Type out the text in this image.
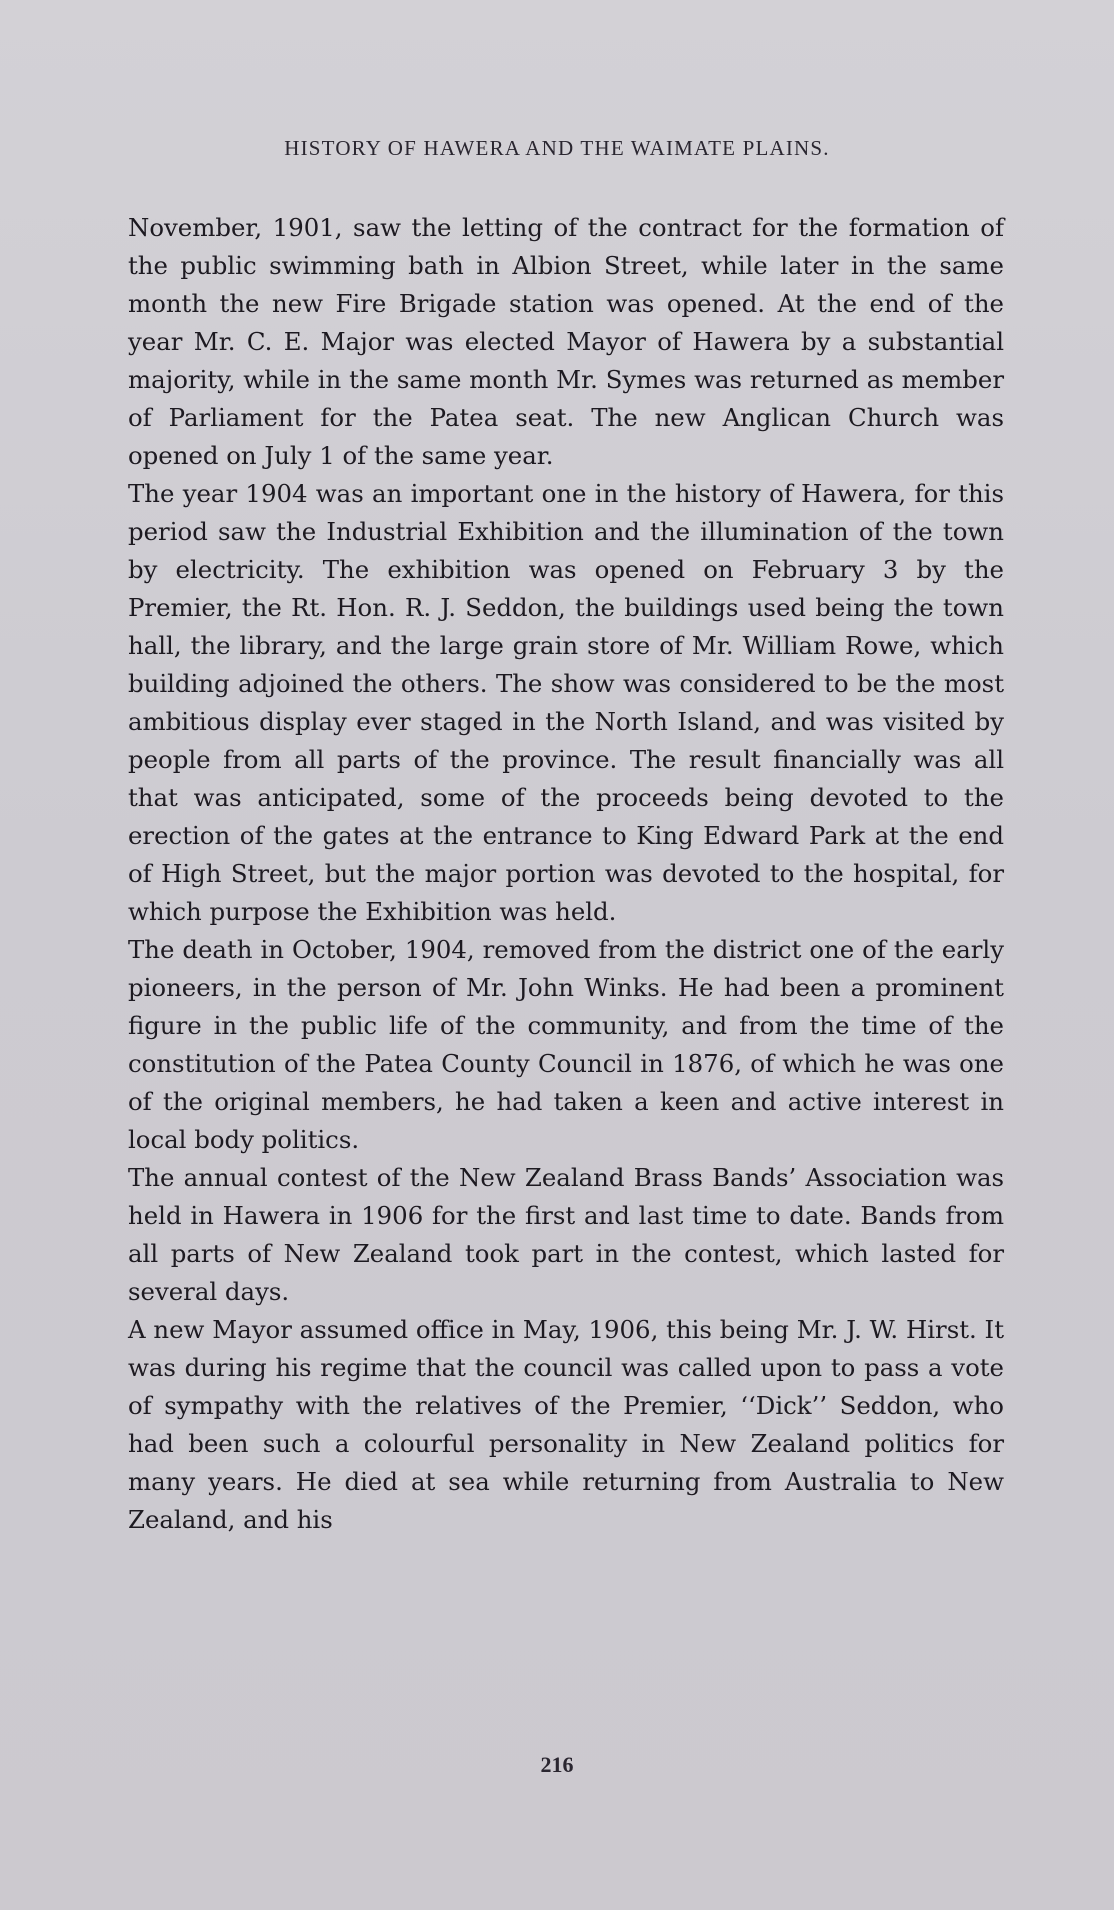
HISTORY OF HAWERA AND THE WAIMATE PLAINS.

November, 1901, saw the letting of the contract for the formation of the public swimming bath in Albion Street, while later in the same month the new Fire Brigade station was opened. At the end of the year Mr. C. E. Major was elected Mayor of Hawera by a substantial majority, while in the same month Mr. Symes was returned as member of Parliament for the Patea seat. The new Anglican Church was opened on July 1 of the same year.

The year 1904 was an important one in the history of Hawera, for this period saw the Industrial Exhibition and the illumination of the town by electricity. The exhibition was opened on February 3 by the Premier, the Rt. Hon. R. J. Seddon, the buildings used being the town hall, the library, and the large grain store of Mr. William Rowe, which building adjoined the others. The show was considered to be the most ambitious display ever staged in the North Island, and was visited by people from all parts of the province. The result financially was all that was anticipated, some of the proceeds being devoted to the erection of the gates at the entrance to King Edward Park at the end of High Street, but the major portion was devoted to the hospital, for which purpose the Exhibition was held.

The death in October, 1904, removed from the district one of the early pioneers, in the person of Mr. John Winks. He had been a prominent figure in the public life of the community, and from the time of the constitution of the Patea County Council in 1876, of which he was one of the original members, he had taken a keen and active interest in local body politics.

The annual contest of the New Zealand Brass Bands’ Association was held in Hawera in 1906 for the first and last time to date. Bands from all parts of New Zealand took part in the contest, which lasted for several days.

A new Mayor assumed office in May, 1906, this being Mr. J. W. Hirst. It was during his regime that the council was called upon to pass a vote of sympathy with the relatives of the Premier, ‘‘Dick’’ Seddon, who had been such a colourful personality in New Zealand politics for many years. He died at sea while returning from Australia to New Zealand, and his

216
